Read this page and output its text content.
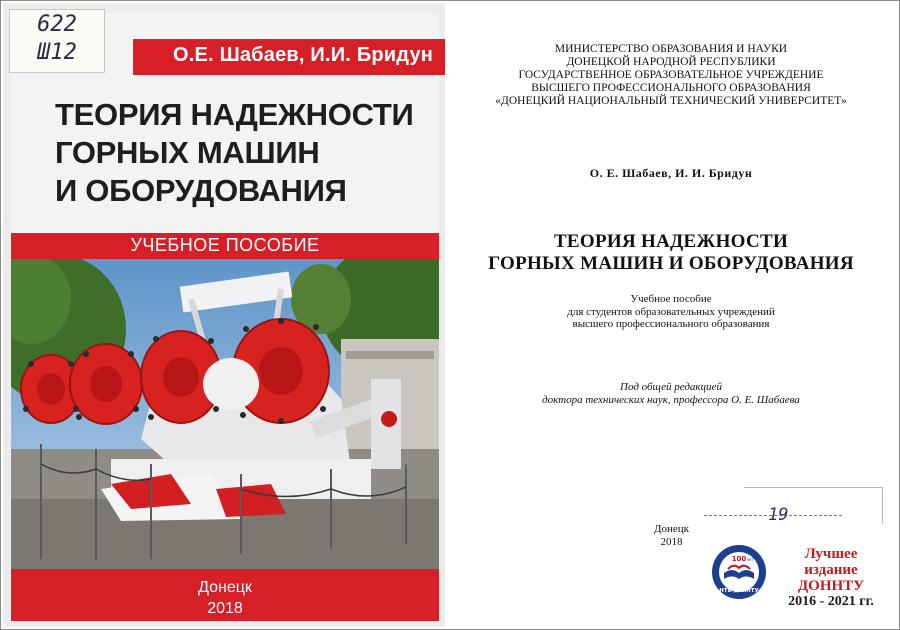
622
Ш12	О.Е. Шабаев, И.И. Бридун
ТЕОРИЯ НАДЕЖНОСТИ
ГОРНЫХ МАШИН
И ОБОРУДОВАНИЯ
УЧЕБНОЕ ПОСОБИЕ
Донецк
2018
МИНИСТЕРСТВО ОБРАЗОВАНИЯ И НАУКИ
ДОНЕЦКОЙ НАРОДНОЙ РЕСПУБЛИКИ
ГОСУДАРСТВЕННОЕ ОБРАЗОВАТЕЛЬНОЕ УЧРЕЖДЕНИЕ
ВЫСШЕГО ПРОФЕССИОНАЛЬНОГО ОБРАЗОВАНИЯ
«ДОНЕЦКИЙ НАЦИОНАЛЬНЫЙ ТЕХНИЧЕСКИЙ УНИВЕРСИТЕТ»
О. Е. Шабаев, И. И. Бридун
ТЕОРИЯ НАДЕЖНОСТИ
ГОРНЫХ МАШИН И ОБОРУДОВАНИЯ
Учебное пособие
для студентов образовательных учреждений
высшего профессионального образования
Под общей редакцией
доктора технических наук, профессора О. Е. Шабаева
Донецк
2018
19
100 лет
НТБ ДонНТУ
Лучшее
издание ДОННТУ
2016 - 2021 гг.
